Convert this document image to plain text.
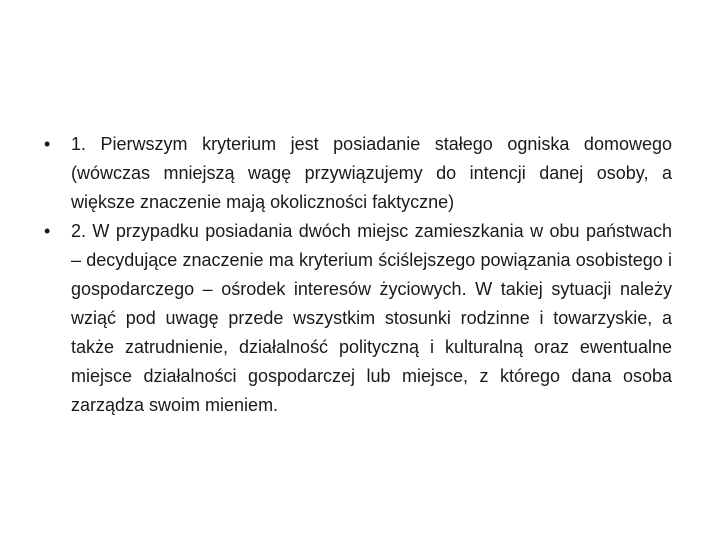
•	1. Pierwszym kryterium jest posiadanie stałego ogniska domowego (wówczas mniejszą wagę przywiązujemy do intencji danej osoby, a większe znaczenie mają okoliczności faktyczne)
•	2. W przypadku posiadania dwóch miejsc zamieszkania w obu państwach – decydujące znaczenie ma kryterium ściślejszego powiązania osobistego i gospodarczego – ośrodek interesów życiowych. W takiej sytuacji należy wziąć pod uwagę przede wszystkim stosunki rodzinne i towarzyskie, a także zatrudnienie, działalność polityczną i kulturalną oraz ewentualne miejsce działalności gospodarczej lub miejsce, z którego dana osoba zarządza swoim mieniem.
